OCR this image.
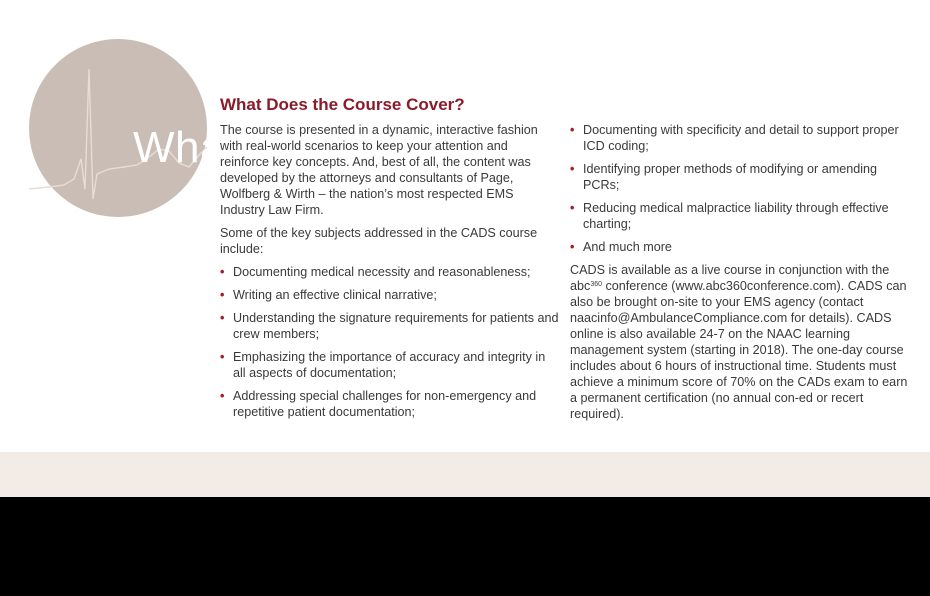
What
What Does the Course Cover?

The course is presented in a dynamic, interactive fashion with real-world scenarios to keep your attention and reinforce key concepts. And, best of all, the content was developed by the attorneys and consultants of Page, Wolfberg & Wirth – the nation’s most respected EMS Industry Law Firm.

Some of the key subjects addressed in the CADS course include:

• Documenting medical necessity and reasonableness;
• Writing an effective clinical narrative;
• Understanding the signature requirements for patients and crew members;
• Emphasizing the importance of accuracy and integrity in all aspects of documentation;
• Addressing special challenges for non-emergency and repetitive patient documentation;
• Documenting with specificity and detail to support proper ICD coding;
• Identifying proper methods of modifying or amending PCRs;
• Reducing medical malpractice liability through effective charting;
• And much more

CADS is available as a live course in conjunction with the abc$^{360}$ conference (www.abc360conference.com). CADS can also be brought on-site to your EMS agency (contact naacinfo@AmbulanceCompliance.com for details). CADS online is also available 24-7 on the NAAC learning management system (starting in 2018). The one-day course includes about 6 hours of instructional time. Students must achieve a minimum score of 70% on the CADs exam to earn a permanent certification (no annual con-ed or recert required).
